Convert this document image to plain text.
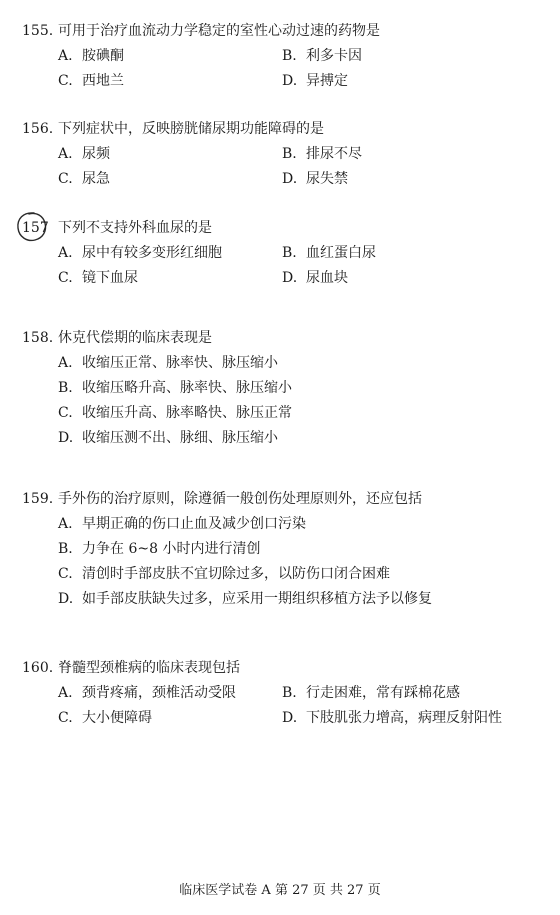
155. 可用于治疗血流动力学稳定的室性心动过速的药物是
A. 胺碘酮	B. 利多卡因
C. 西地兰	D. 异搏定
156. 下列症状中，反映膀胱储尿期功能障碍的是
A. 尿频	B. 排尿不尽
C. 尿急	D. 尿失禁
157 下列不支持外科血尿的是
A. 尿中有较多变形红细胞	B. 血红蛋白尿
C. 镜下血尿	D. 尿血块
158. 休克代偿期的临床表现是
A. 收缩压正常、脉率快、脉压缩小
B. 收缩压略升高、脉率快、脉压缩小
C. 收缩压升高、脉率略快、脉压正常
D. 收缩压测不出、脉细、脉压缩小
159. 手外伤的治疗原则，除遵循一般创伤处理原则外，还应包括
A. 早期正确的伤口止血及减少创口污染
B. 力争在 6~8 小时内进行清创
C. 清创时手部皮肤不宜切除过多，以防伤口闭合困难
D. 如手部皮肤缺失过多，应采用一期组织移植方法予以修复
160. 脊髓型颈椎病的临床表现包括
A. 颈背疼痛，颈椎活动受限	B. 行走困难，常有踩棉花感
C. 大小便障碍	D. 下肢肌张力增高，病理反射阳性
临床医学试卷 A 第 27 页 共 27 页
